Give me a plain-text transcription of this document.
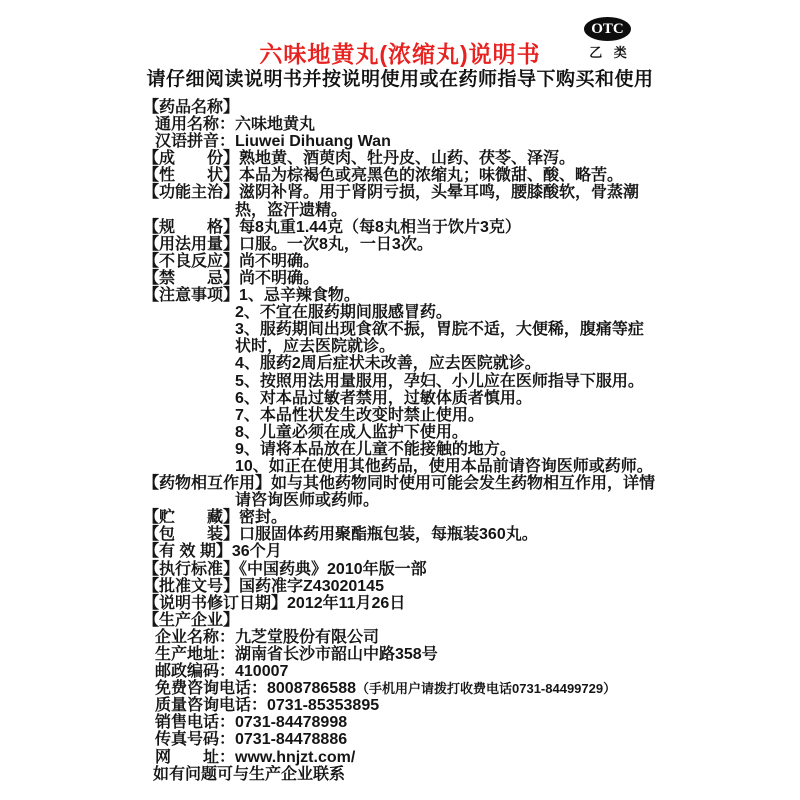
OTC
乙 类
六味地黄丸(浓缩丸)说明书
请仔细阅读说明书并按说明使用或在药师指导下购买和使用
【药品名称】
通用名称：六味地黄丸
汉语拼音：Liuwei Dihuang Wan
【成　　份】熟地黄、酒萸肉、牡丹皮、山药、茯苓、泽泻。
【性　　状】本品为棕褐色或亮黑色的浓缩丸；味微甜、酸、略苦。
【功能主治】滋阴补肾。用于肾阴亏损，头晕耳鸣，腰膝酸软，骨蒸潮热，盗汗遗精。
【规　　格】每8丸重1.44克（每8丸相当于饮片3克）
【用法用量】口服。一次8丸，一日3次。
【不良反应】尚不明确。
【禁　　忌】尚不明确。
【注意事项】1、忌辛辣食物。
2、不宜在服药期间服感冒药。
3、服药期间出现食欲不振，胃脘不适，大便稀，腹痛等症状时，应去医院就诊。
4、服药2周后症状未改善，应去医院就诊。
5、按照用法用量服用，孕妇、小儿应在医师指导下服用。
6、对本品过敏者禁用，过敏体质者慎用。
7、本品性状发生改变时禁止使用。
8、儿童必须在成人监护下使用。
9、请将本品放在儿童不能接触的地方。
10、如正在使用其他药品，使用本品前请咨询医师或药师。
【药物相互作用】如与其他药物同时使用可能会发生药物相互作用，详情请咨询医师或药师。
【贮　　藏】密封。
【包　　装】口服固体药用聚酯瓶包装，每瓶装360丸。
【有 效 期】36个月
【执行标准】《中国药典》2010年版一部
【批准文号】国药准字Z43020145
【说明书修订日期】2012年11月26日
【生产企业】
企业名称：九芝堂股份有限公司
生产地址：湖南省长沙市韶山中路358号
邮政编码：410007
免费咨询电话：8008786588（手机用户请拨打收费电话0731-84499729）
质量咨询电话：0731-85353895
销售电话：0731-84478998
传真号码：0731-84478886
网　　址：www.hnjzt.com/
如有问题可与生产企业联系
